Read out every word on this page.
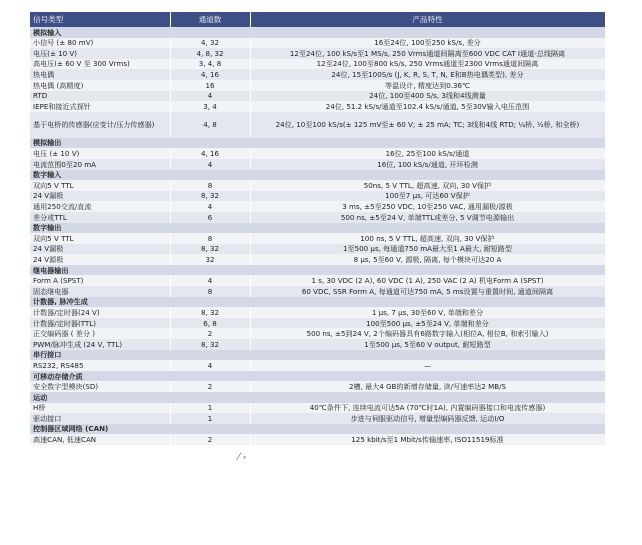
信号类型	通道数	产品特性
模拟输入		
小信号 (± 80 mV)	4, 32	16至24位, 100至250 kS/s, 差分
电压(± 10 V)	4, 8, 32	12至24位, 100 kS/s至1 MS/s, 250 Vrms通道间隔离至600 VDC CAT I通道-总线隔离
高电压(± 60 V 至 300 Vrms)	3, 4, 8	12至24位, 100至800 kS/s, 250 Vrms通道至2300 Vrms通道间隔离
热电偶	4, 16	24位, 15至100S/s (J, K, R, S, T, N, E和B热电偶类型), 差分
热电偶 (高精度)	16	等温设计, 精度达到0.36℃
RTD	4	24位, 100至400 S/s, 3线和4线测量
IEPE和接近式探针	3, 4	24位, 51.2 kS/s/通道至102.4 kS/s/通道, 5至30V输入电压范围
基于电桥的传感器(应变计/压力传感器)	4, 8	24位, 10至100 kS/s(± 125 mV至± 60 V; ± 25 mA; TC; 3线和4线 RTD; ¼桥, ½桥, 和全桥)
模拟输出		
电压 (± 10 V)	4, 16	16位, 25至100 kS/s/通道
电流范围0至20 mA	4	16位, 100 kS/s/通道, 开环检测
数字输入		
双向5 V TTL	8	50ns, 5 V TTL, 超高速, 双向, 30 V保护
24 V漏极	8, 32	100至7 μs, 可达60 V保护
通用250交流/直流	4	3 ms, ±5至250 VDC, 10至250 VAC, 通用漏极/源极
差分或TTL	6	500 ns, ±5至24 V, 单端TTL或差分, 5 V调节电源输出
数字输出		
双向5 V TTL	8	100 ns, 5 V TTL, 超高速, 双向, 30 V保护
24 V漏极	8, 32	1至500 μs, 每通道750 mA最大至1 A最大, 耐短路型
24 V源极	32	8 μs, 5至60 V, 源极, 隔离, 每个模块可达20 A
继电器输出		
Form A (SPST)	4	1 s, 30 VDC (2 A), 60 VDC (1 A), 250 VAC (2 A) 机电Form A (SPST)
固态继电器	8	60 VDC, SSR Form A, 每通道可达750 mA, 5 ms设置与重置时间, 通道间隔离
计数器, 脉冲生成		
计数器/定时器(24 V)	8, 32	1 μs, 7 μs, 30至60 V, 单端和差分
计数器/定时器(TTL)	6, 8	100至500 μs, ±5至24 V, 单端和差分
正交编码器 ( 差分 )	2	500 ns, ±5到24 V, 2个编码器具有6路数字输入(相位A, 相位B, 和索引输入)
PWM/脉冲生成 (24 V, TTL)	8, 32	1至500 μs, 5至60 V output, 耐短路型
串行接口		
RS232, RS485	4	—
可移动存储介质		
安全数字型模块(SD)	2	2槽, 最大4 GB的新增存储量, 读/写速率达2 MB/S
运动		
H桥	1	40℃条件下, 连续电流可达5A (70℃时1A), 内置编码器接口和电流传感器)
驱动接口	1	步进与伺服驱动信号, 增量型编码器反馈, 运动I/O
控制器区域网络 (CAN)		
高速CAN, 低速CAN	2	125 kbit/s至1 Mbit/s传输速率, ISO11519标准
⁄ ⸗
